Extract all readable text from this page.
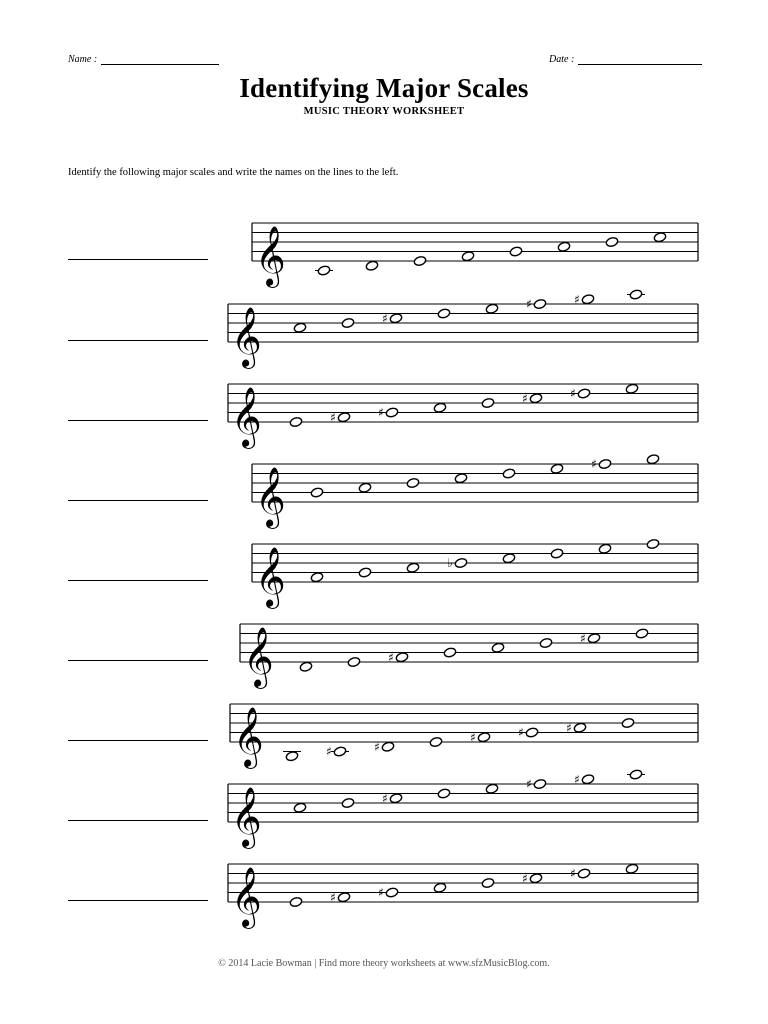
Name :	Date :
Identifying Major Scales
MUSIC THEORY WORKSHEET
Identify the following major scales and write the names on the lines to the left.
𝄞
𝄞	♯
♯	♯
𝄞	♯	♯
♯	♯
𝄞
♯
𝄞	♭
𝄞	♯
♯
𝄞	♯	♯
♯	♯	♯
𝄞	♯
♯	♯
𝄞	♯	♯
♯	♯
© 2014 Lacie Bowman | Find more theory worksheets at www.sfzMusicBlog.com.
